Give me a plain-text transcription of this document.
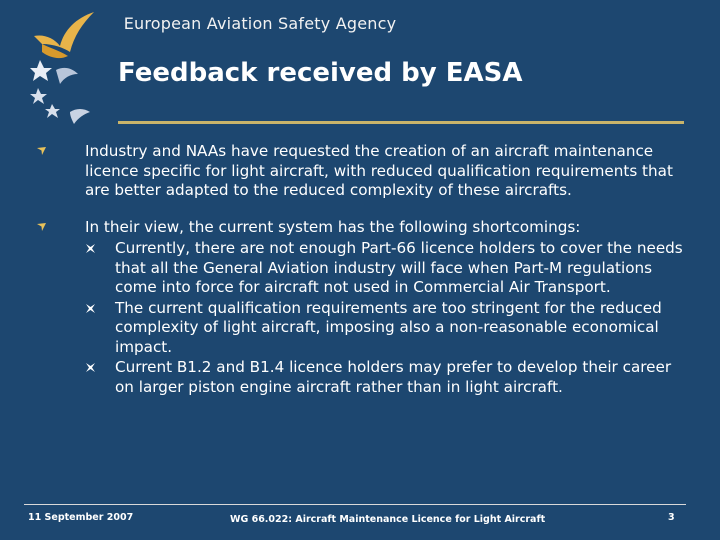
European Aviation Safety Agency
Feedback received by EASA
Industry and NAAs have requested the creation of an aircraft maintenance licence specific for light aircraft, with reduced qualification requirements that are better adapted to the reduced complexity of these aircrafts.
In their view, the current system has the following shortcomings:
Currently, there are not enough Part-66 licence holders to cover the needs that all the General Aviation industry will face when Part-M regulations come into force for aircraft not used in Commercial Air Transport.
The current qualification requirements are too stringent for the reduced complexity of light aircraft, imposing also a non-reasonable economical impact.
Current B1.2 and B1.4 licence holders may prefer to develop their career on larger piston engine aircraft rather than in light aircraft.
11 September 2007	WG 66.022: Aircraft Maintenance Licence for Light Aircraft	3
